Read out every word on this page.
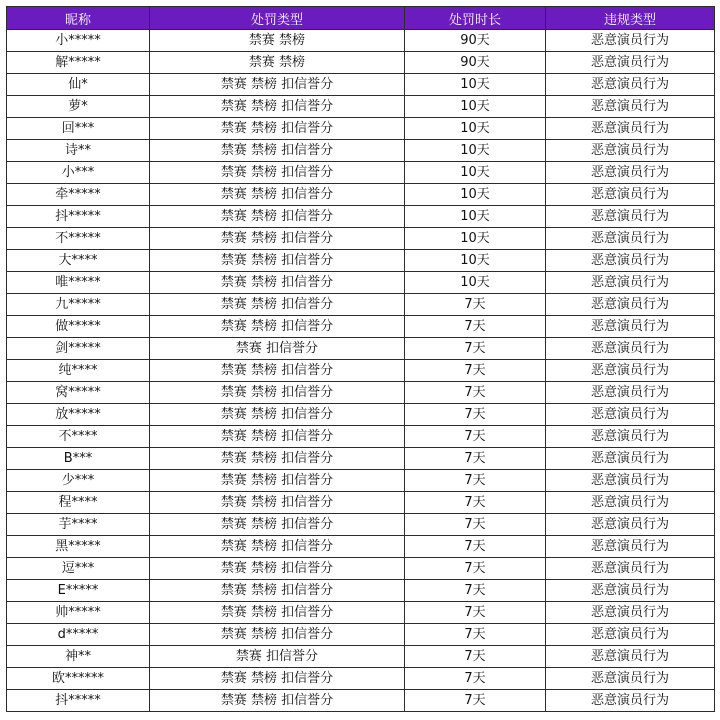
昵称	处罚类型	处罚时长	违规类型
小*****	禁赛 禁榜	90天	恶意演员行为
解*****	禁赛 禁榜	90天	恶意演员行为
仙*	禁赛 禁榜 扣信誉分	10天	恶意演员行为
萝*	禁赛 禁榜 扣信誉分	10天	恶意演员行为
回***	禁赛 禁榜 扣信誉分	10天	恶意演员行为
诗**	禁赛 禁榜 扣信誉分	10天	恶意演员行为
小***	禁赛 禁榜 扣信誉分	10天	恶意演员行为
牵*****	禁赛 禁榜 扣信誉分	10天	恶意演员行为
抖*****	禁赛 禁榜 扣信誉分	10天	恶意演员行为
不*****	禁赛 禁榜 扣信誉分	10天	恶意演员行为
大****	禁赛 禁榜 扣信誉分	10天	恶意演员行为
唯*****	禁赛 禁榜 扣信誉分	10天	恶意演员行为
九*****	禁赛 禁榜 扣信誉分	7天	恶意演员行为
做*****	禁赛 禁榜 扣信誉分	7天	恶意演员行为
剑*****	禁赛 扣信誉分	7天	恶意演员行为
纯****	禁赛 禁榜 扣信誉分	7天	恶意演员行为
窝*****	禁赛 禁榜 扣信誉分	7天	恶意演员行为
放*****	禁赛 禁榜 扣信誉分	7天	恶意演员行为
不****	禁赛 禁榜 扣信誉分	7天	恶意演员行为
B***	禁赛 禁榜 扣信誉分	7天	恶意演员行为
少***	禁赛 禁榜 扣信誉分	7天	恶意演员行为
程****	禁赛 禁榜 扣信誉分	7天	恶意演员行为
芋****	禁赛 禁榜 扣信誉分	7天	恶意演员行为
黑*****	禁赛 禁榜 扣信誉分	7天	恶意演员行为
逗***	禁赛 禁榜 扣信誉分	7天	恶意演员行为
E*****	禁赛 禁榜 扣信誉分	7天	恶意演员行为
帅*****	禁赛 禁榜 扣信誉分	7天	恶意演员行为
d*****	禁赛 禁榜 扣信誉分	7天	恶意演员行为
神**	禁赛 扣信誉分	7天	恶意演员行为
欧******	禁赛 禁榜 扣信誉分	7天	恶意演员行为
抖*****	禁赛 禁榜 扣信誉分	7天	恶意演员行为
